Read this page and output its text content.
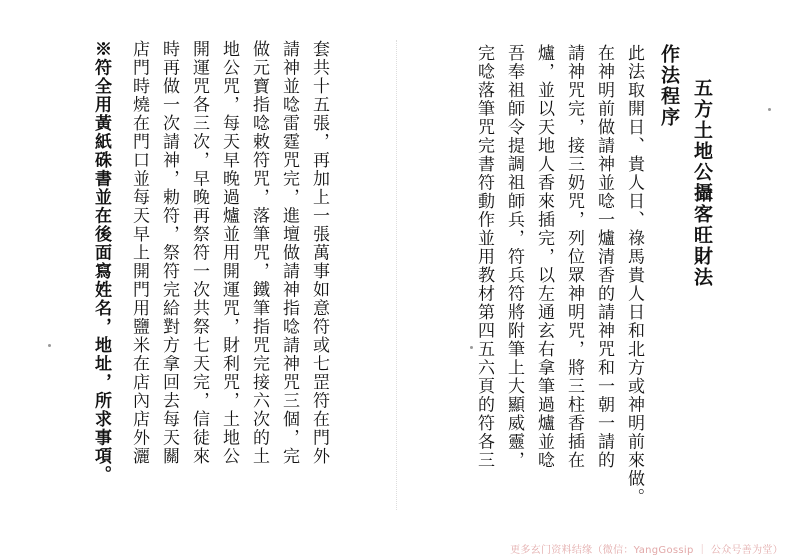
五方土地公攝客旺財法

作法程序

此法取開日、貴人日、祿馬貴人日和北方或神明前來做。

在神明前做請神並唸一爐清香的請神咒和一朝一請的

請神咒完，接三奶咒，列位眾神明咒，將三柱香插在

爐，並以天地人香來插完，以左通玄右拿筆過爐並唸

吾奉祖師令提調祖師兵，符兵符將附筆上大顯威靈，

完唸落筆咒完書符動作並用教材第四五六頁的符各三

套共十五張，再加上一張萬事如意符或七罡符在門外

請神並唸雷霆咒完，進壇做請神指唸請神咒三個，完

做元寶指唸敕符咒，落筆咒，鐵筆指咒完接六次的土

地公咒，每天早晚過爐並用開運咒，財利咒，土地公

開運咒各三次，早晚再祭符一次共祭七天完，信徒來

時再做一次請神，勅符，祭符完給對方拿回去每天關

店門時燒在門口並每天早上開門用鹽米在店內店外灑

※符全用黃紙硃書並在後面寫姓名，地址，所求事項。

更多玄门资料结缘（微信：YangGossip ｜ 公众号善为堂）
